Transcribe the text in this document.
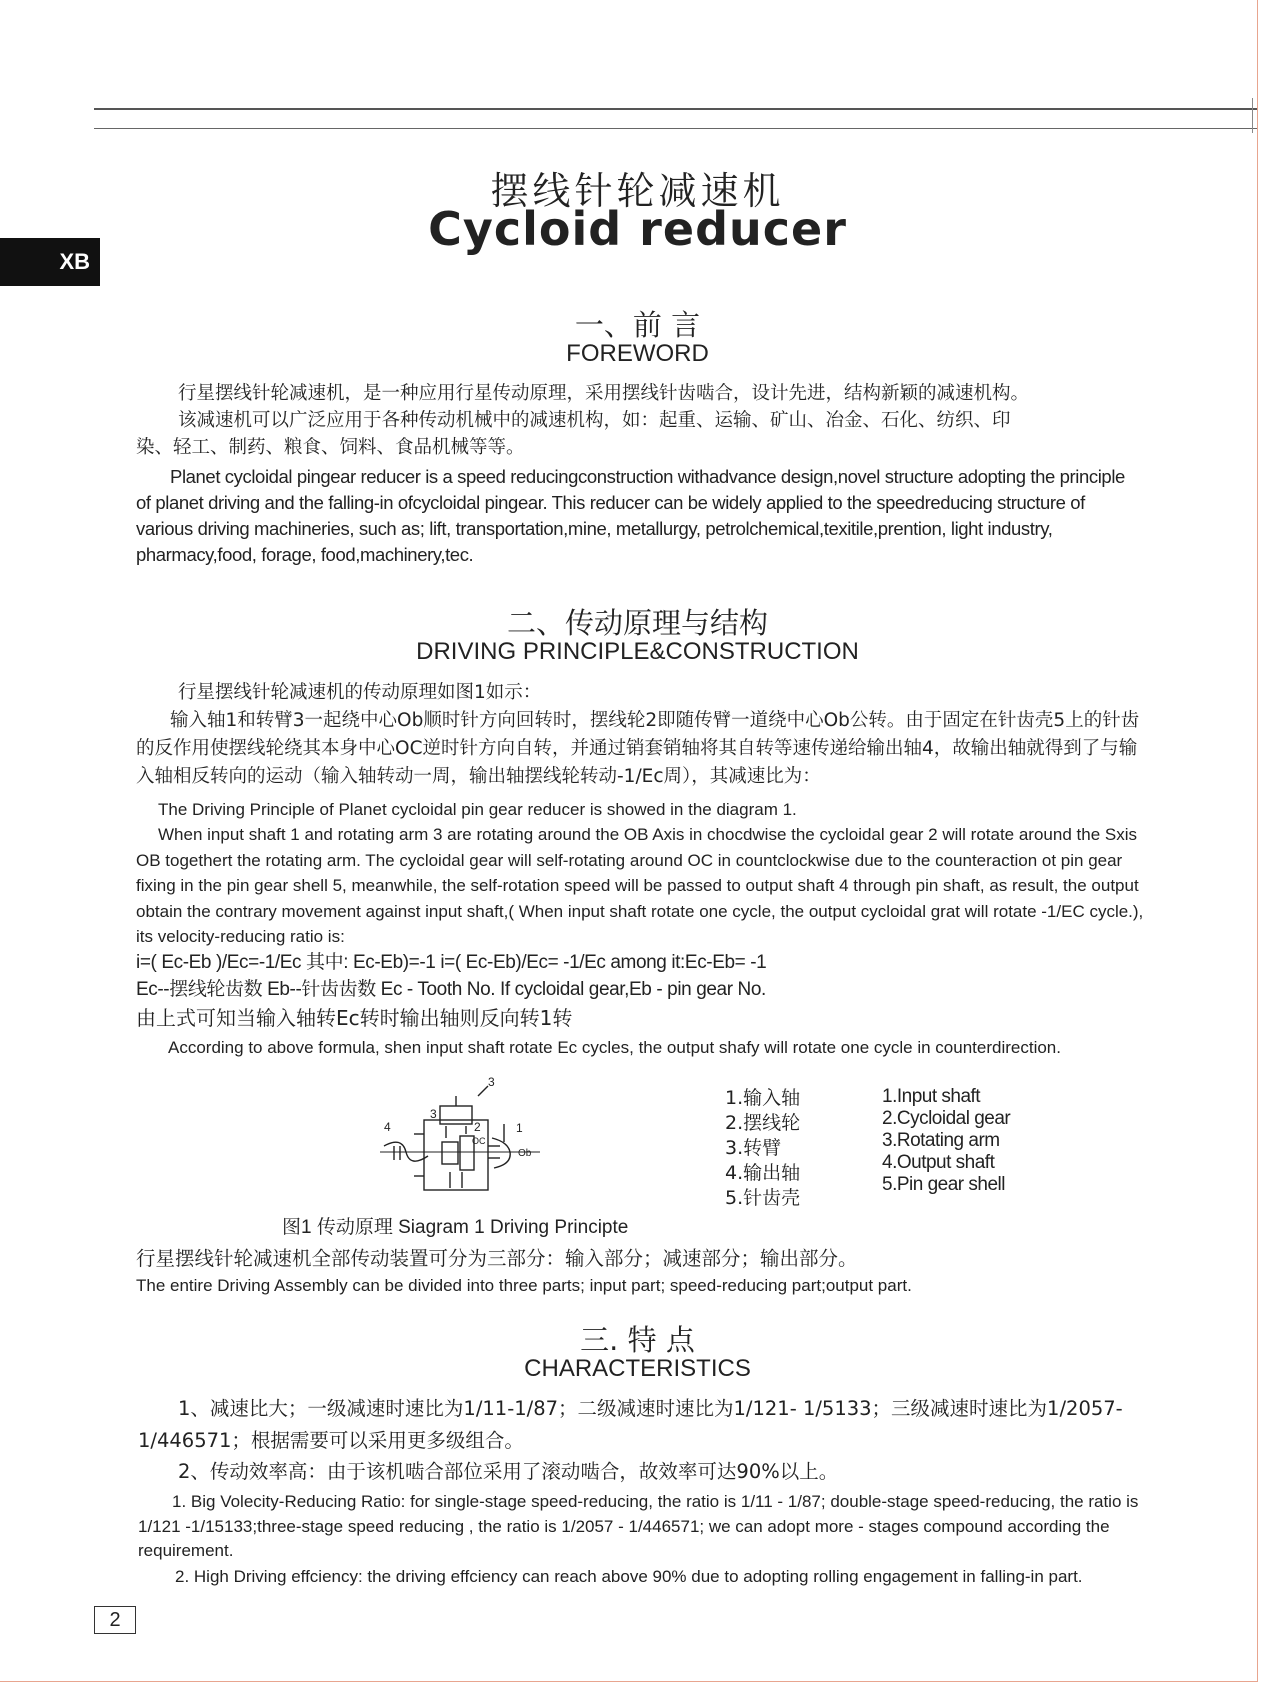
XB
摆线针轮减速机
Cycloid reducer
一、前 言
FOREWORD
行星摆线针轮减速机，是一种应用行星传动原理，采用摆线针齿啮合，设计先进，结构新颖的减速机构。
该减速机可以广泛应用于各种传动机械中的减速机构，如：起重、运输、矿山、冶金、石化、纺织、印
染、轻工、制药、粮食、饲料、食品机械等等。
Planet cycloidal pingear reducer is a speed reducingconstruction withadvance design,novel structure adopting the principle of planet driving and the falling-in ofcycloidal pingear. This reducer can be widely applied to the speedreducing structure of various driving machineries, such as; lift, transportation,mine, metallurgy, petrolchemical,texitile,prention, light industry, pharmacy,food, forage, food,machinery,tec.
二、传动原理与结构
DRIVING PRINCIPLE&CONSTRUCTION
行星摆线针轮减速机的传动原理如图1如示：
输入轴1和转臂3一起绕中心Ob顺时针方向回转时，摆线轮2即随传臂一道绕中心Ob公转。由于固定在针齿壳5上的针齿的反作用使摆线轮绕其本身中心OC逆时针方向自转，并通过销套销轴将其自转等速传递给输出轴4，故输出轴就得到了与输入轴相反转向的运动（输入轴转动一周，输出轴摆线轮转动-1/Ec周），其减速比为：
The Driving Principle of Planet cycloidal pin gear reducer is showed in the diagram 1.
When input shaft 1 and rotating arm 3 are rotating around the OB Axis in chocdwise the cycloidal gear 2 will rotate around the Sxis OB togethert the rotating arm. The cycloidal gear will self-rotating around OC in countclockwise due to the counteraction ot pin gear fixing in the pin gear shell 5, meanwhile, the self-rotation speed will be passed to output shaft 4 through pin shaft, as result, the output obtain the contrary movement against input shaft,( When input shaft rotate one cycle, the output cycloidal grat will rotate -1/EC cycle.), its velocity-reducing ratio is:
i=( Ec-Eb )/Ec=-1/Ec 其中: Ec-Eb)=-1 i=( Ec-Eb)/Ec= -1/Ec among it:Ec-Eb= -1
Ec--摆线轮齿数 Eb--针齿齿数 Ec - Tooth No. If cycloidal gear,Eb - pin gear No.
由上式可知当输入轴转Ec转时输出轴则反向转1转
According to above formula, shen input shaft rotate Ec cycles, the output shafy will rotate one cycle in counterdirection.
4
3
3
2	1
OC
Ob
图1 传动原理 Siagram 1 Driving Principte
1.输入轴
2.摆线轮
3.转臂
4.输出轴
5.针齿壳
1.Input shaft
2.Cycloidal gear
3.Rotating arm
4.Output shaft
5.Pin gear shell
行星摆线针轮减速机全部传动装置可分为三部分：输入部分；减速部分；输出部分。
The entire Driving Assembly can be divided into three parts; input part; speed-reducing part;output part.
三. 特 点
CHARACTERISTICS
1、减速比大；一级减速时速比为1/11-1/87；二级减速时速比为1/121- 1/5133；三级减速时速比为1/2057-
1/446571；根据需要可以采用更多级组合。
2、传动效率高：由于该机啮合部位采用了滚动啮合，故效率可达90%以上。
1. Big Volecity-Reducing Ratio: for single-stage speed-reducing, the ratio is 1/11 - 1/87; double-stage speed-reducing, the ratio is 1/121 -1/15133;three-stage speed reducing , the ratio is 1/2057 - 1/446571; we can adopt more - stages compound according the requirement.
2. High Driving effciency: the driving effciency can reach above 90% due to adopting rolling engagement in falling-in part.
2
